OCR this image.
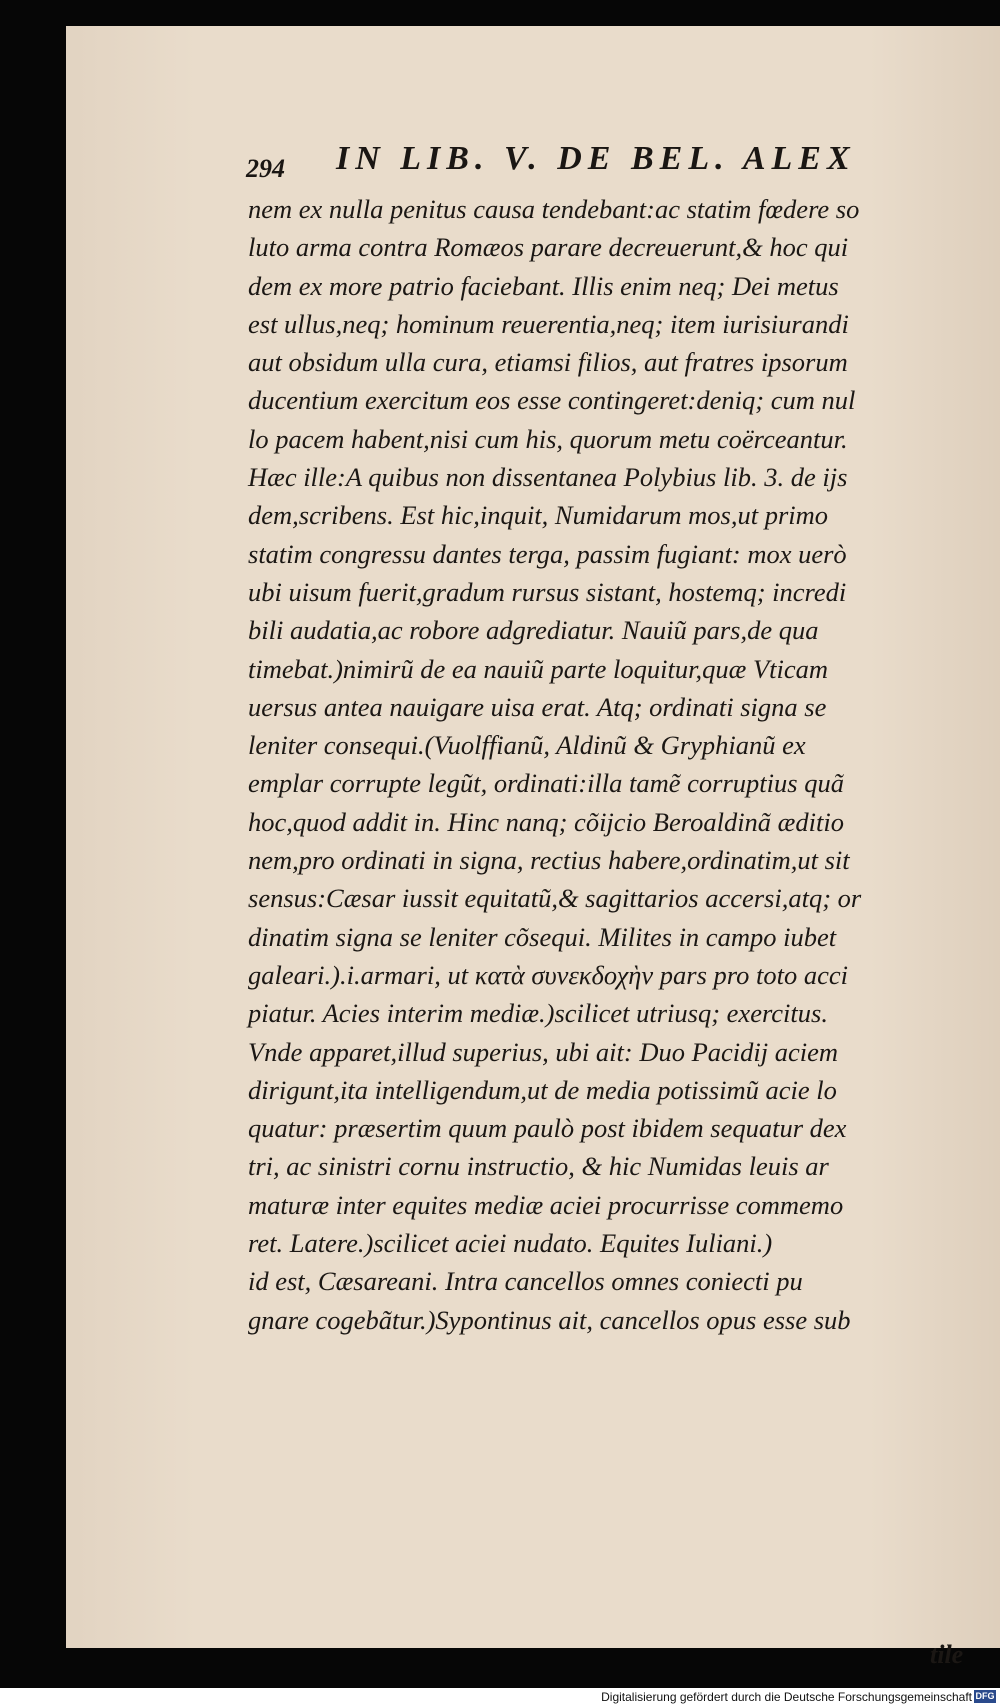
294 IN LIB. V. DE BEL. ALEX
nem ex nulla penitus causa tendebant:ac statim fœdere so
luto arma contra Romæos parare decreuerunt,& hoc qui
dem ex more patrio faciebant. Illis enim neq; Dei metus
est ullus,neq; hominum reuerentia,neq; item iurisiurandi
aut obsidum ulla cura, etiamsi filios, aut fratres ipsorum
ducentium exercitum eos esse contingeret:deniq; cum nul
lo pacem habent,nisi cum his, quorum metu coërceantur.
Hæc ille:A quibus non dissentanea Polybius lib. 3. de ijs
dem,scribens. Est hic,inquit, Numidarum mos,ut primo
statim congressu dantes terga, passim fugiant: mox uerò
ubi uisum fuerit,gradum rursus sistant, hostemq; incredi
bili audatia,ac robore adgrediatur. Nauiũ pars,de qua
timebat.)nimirũ de ea nauiũ parte loquitur,quæ Vticam
uersus antea nauigare uisa erat. Atq; ordinati signa se
leniter consequi.(Vuolffianũ, Aldinũ & Gryphianũ ex
emplar corrupte legũt, ordinati:illa tamẽ corruptius quã
hoc,quod addit in. Hinc nanq; cõijcio Beroaldinã æditio
nem,pro ordinati in signa, rectius habere,ordinatim,ut sit
sensus:Cæsar iussit equitatũ,& sagittarios accersi,atq; or
dinatim signa se leniter cõsequi. Milites in campo iubet
galeari.).i.armari, ut κατὰ συνεκδοχὴν pars pro toto acci
piatur. Acies interim mediæ.)scilicet utriusq; exercitus.
Vnde apparet,illud superius, ubi ait: Duo Pacidij aciem
dirigunt,ita intelligendum,ut de media potissimũ acie lo
quatur: præsertim quum paulò post ibidem sequatur dex
tri, ac sinistri cornu instructio, & hic Numidas leuis ar
maturæ inter equites mediæ aciei procurrisse commemo
ret. Latere.)scilicet aciei nudato. Equites Iuliani.)
id est, Cæsareani. Intra cancellos omnes coniecti pu
gnare cogebãtur.)Sypontinus ait, cancellos opus esse sub
tile
Digitalisierung gefördert durch die Deutsche Forschungsgemeinschaft DFG
